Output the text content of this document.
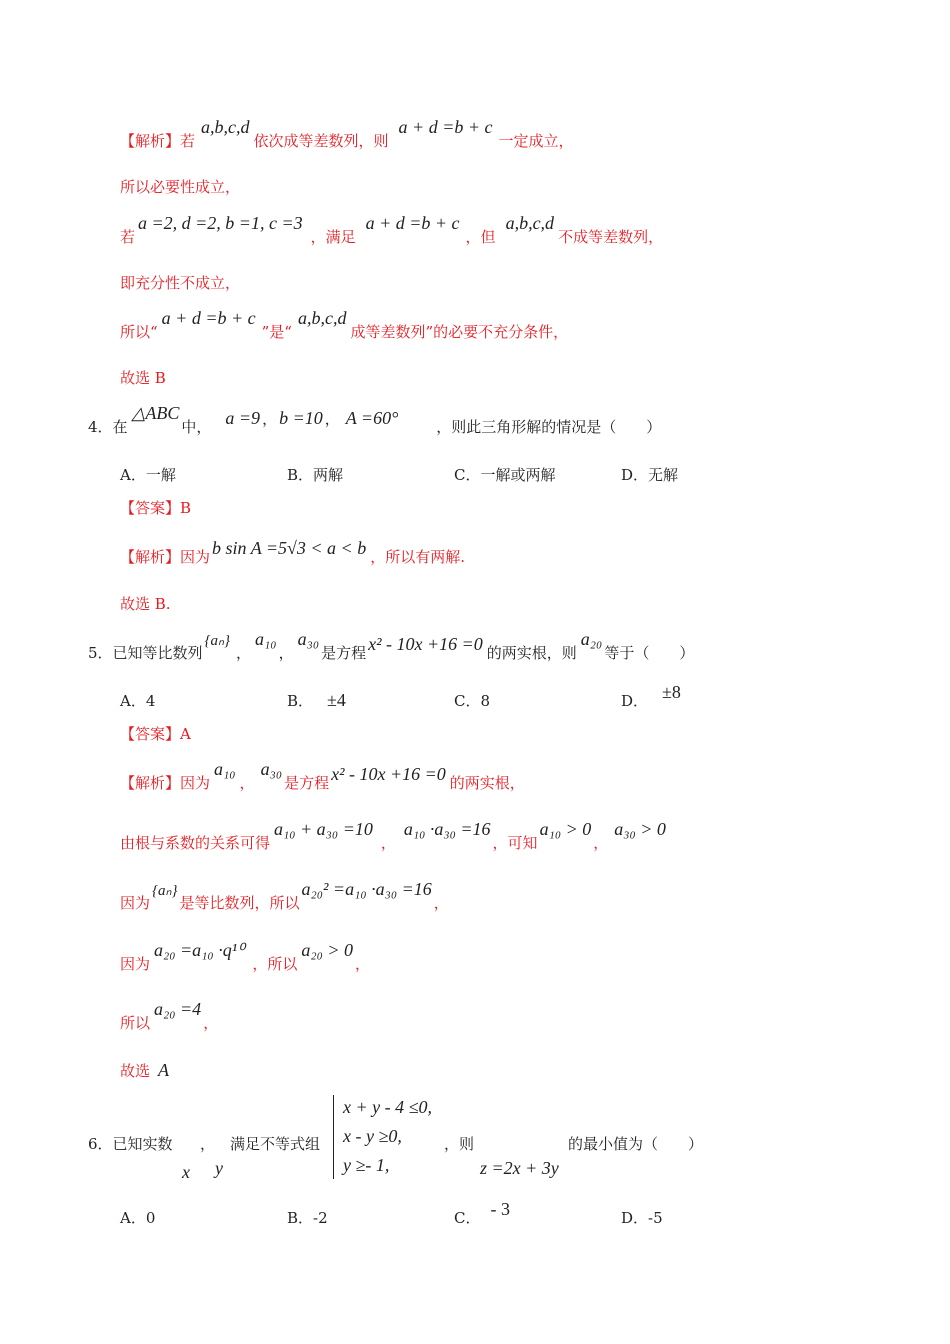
【解析】若a,b,c,d依次成等差数列，则a + d =b + c一定成立，
所以必要性成立，
若a =2, d =2, b =1, c =3，满足a + d =b + c，但a,b,c,d不成等差数列，
即充分性不成立，
所以“a + d =b + c”是“a,b,c,d成等差数列”的必要不充分条件，
故选 B
4．在△ABC中， a =9 ， b =10 ， A =60°	，则此三角形解的情况是（　　）
A．一解	B．两解	C．一解或两解	D．无解
【答案】B
【解析】因为 b sin A =5√3 < a < b ，所以有两解.
故选 B.
5．已知等比数列{aₙ}，a₁₀，a₃₀是方程 x² - 10x +16 =0 的两实根，则a₂₀等于（　　）
A．4	B． ±4	C．8	D． ±8
【答案】A
【解析】因为a₁₀，a₃₀是方程 x² - 10x +16 =0 的两实根，
由根与系数的关系可得a₁₀ + a₃₀ =10，a₁₀ ·a₃₀ =16，可知a₁₀ > 0，a₃₀ > 0
因为{aₙ}是等比数列，所以a₂₀² =a₁₀ ·a₃₀ =16，
因为a₂₀ =a₁₀ ·q¹⁰，所以a₂₀ > 0，
所以a₂₀ =4，
故选 A
6．已知实数 ， 满足不等式组
x y
x + y - 4 ≤0,
x - y ≥0,
y ≥- 1,
，则
z =2x + 3y
的最小值为（　　）
A．0	B．-2	C． - 3	D．-5
